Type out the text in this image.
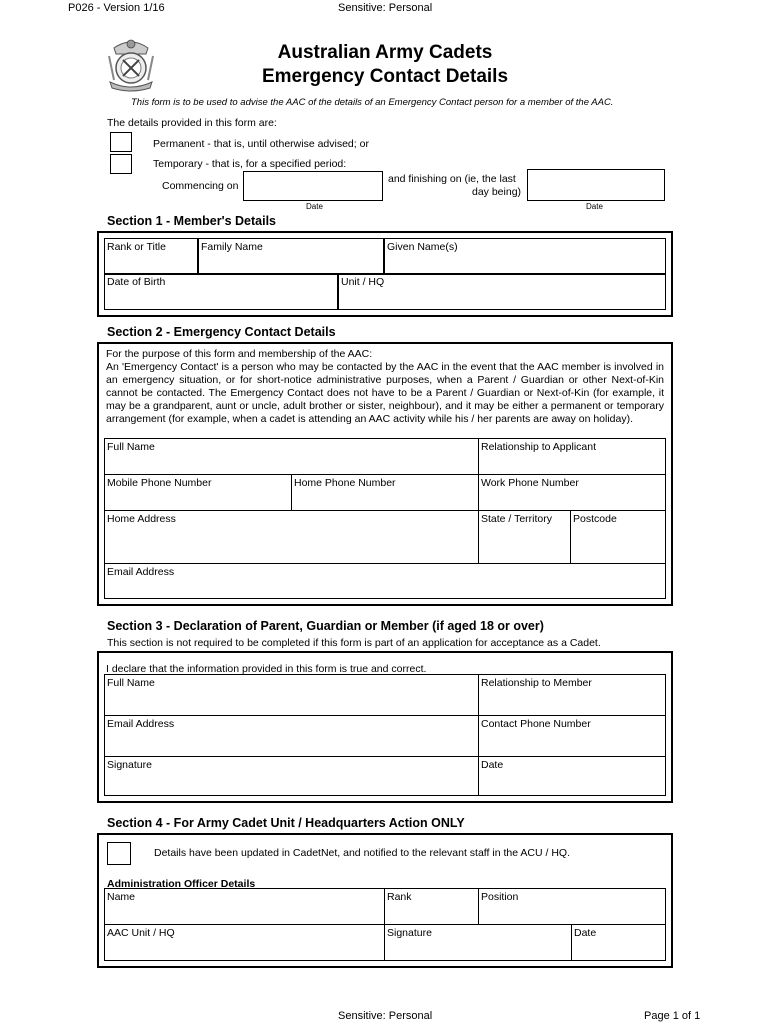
P026 - Version 1/16	Sensitive: Personal
Australian Army Cadets
Emergency Contact Details
This form is to be used to advise the AAC of the details of an Emergency Contact person for a member of the AAC.
The details provided in this form are:
Permanent - that is, until otherwise advised; or
Temporary - that is, for a specified period:
Commencing on
Date
and finishing on (ie, the last
day being)
Date
Section 1 - Member's Details
Rank or Title	Family Name	Given Name(s)
Date of Birth	Unit / HQ
Section 2 - Emergency Contact Details
For the purpose of this form and membership of the AAC:
An 'Emergency Contact' is a person who may be contacted by the AAC in the event that the AAC member is involved in an emergency situation, or for short-notice administrative purposes, when a Parent / Guardian or other Next-of-Kin cannot be contacted. The Emergency Contact does not have to be a Parent / Guardian or Next-of-Kin (for example, it may be a grandparent, aunt or uncle, adult brother or sister, neighbour), and it may be either a permanent or temporary arrangement (for example, when a cadet is attending an AAC activity while his / her parents are away on holiday).
Full Name	Relationship to Applicant
Mobile Phone Number	Home Phone Number	Work Phone Number
Home Address	State / Territory Postcode
Email Address
Section 3 - Declaration of Parent, Guardian or Member (if aged 18 or over)
This section is not required to be completed if this form is part of an application for acceptance as a Cadet.
I declare that the information provided in this form is true and correct.
Full Name	Relationship to Member
Email Address	Contact Phone Number
Signature	Date
Section 4 - For Army Cadet Unit / Headquarters Action ONLY
Details have been updated in CadetNet, and notified to the relevant staff in the ACU / HQ.
Administration Officer Details
Name	Rank	Position
AAC Unit / HQ	Signature	Date
Sensitive: Personal	Page 1 of 1
